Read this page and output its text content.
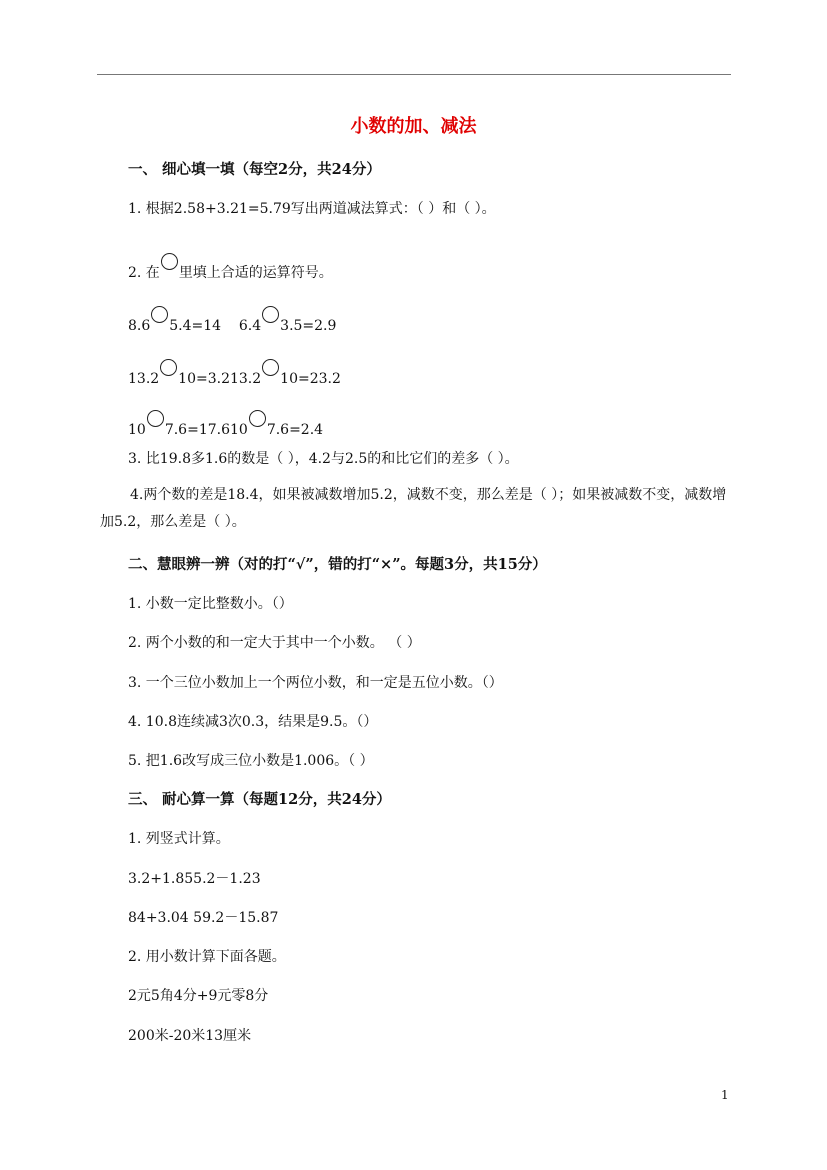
小数的加、减法
一、 细心填一填（每空2分，共24分）
1. 根据2.58+3.21=5.79写出两道减法算式：（ ）和（ ）。
2. 在 里填上合适的运算符号。
8.6 5.4=14 6.4 3.5=2.9
13.2 10=3.213.2 10=23.2
10 7.6=17.610 7.6=2.4
3. 比19.8多1.6的数是（ ），4.2与2.5的和比它们的差多（ ）。
4.两个数的差是18.4，如果被减数增加5.2，减数不变，那么差是（ ）；如果被减数不变，减数增加5.2，那么差是（ ）。
二、慧眼辨一辨（对的打“√”，错的打“×”。每题3分，共15分）
1. 小数一定比整数小。（）
2. 两个小数的和一定大于其中一个小数。 （ ）
3. 一个三位小数加上一个两位小数，和一定是五位小数。（）
4. 10.8连续减3次0.3，结果是9.5。（）
5. 把1.6改写成三位小数是1.006。（ ）
三、 耐心算一算（每题12分，共24分）
1. 列竖式计算。
3.2+1.855.2－1.23
84+3.04 59.2－15.87
2. 用小数计算下面各题。
2元5角4分+9元零8分
200米-20米13厘米
1
